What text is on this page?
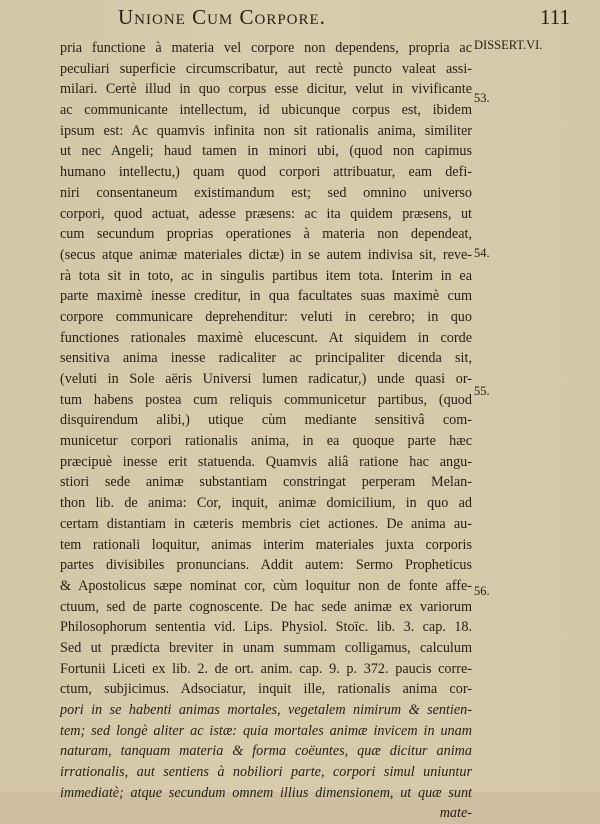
Unione Cum Corpore.	111
DISSERT.VI.
53.
54.
55.
56.
pria functione à materia vel corpore non dependens, propria ac
peculiari superficie circumscribatur, aut rectè puncto valeat assi-
milari. Certè illud in quo corpus esse dicitur, velut in vivificante
ac communicante intellectum, id ubicunque corpus est, ibidem
ipsum est: Ac quamvis infinita non sit rationalis anima, similiter
ut nec Angeli; haud tamen in minori ubi, (quod non capimus
humano intellectu,) quam quod corpori attribuatur, eam defi-
niri consentaneum existimandum est; sed omnino universo
corpori, quod actuat, adesse præsens: ac ita quidem præsens, ut
cum secundum proprias operationes à materia non dependeat,
(secus atque animæ materiales dictæ) in se autem indivisa sit, reve-
rà tota sit in toto, ac in singulis partibus item tota. Interim in ea
parte maximè inesse creditur, in qua facultates suas maximè cum
corpore communicare deprehenditur: veluti in cerebro; in quo
functiones rationales maximè elucescunt. At siquidem in corde
sensitiva anima inesse radicaliter ac principaliter dicenda sit,
(veluti in Sole aëris Universi lumen radicatur,) unde quasi or-
tum habens postea cum reliquis communicetur partibus, (quod
disquirendum alibi,) utique cùm mediante sensitivâ com-
municetur corpori rationalis anima, in ea quoque parte hæc
præcipuè inesse erit statuenda. Quamvis aliâ ratione hac angu-
stiori sede animæ substantiam constringat perperam Melan-
thon lib. de anima: Cor, inquit, animæ domicilium, in quo ad
certam distantiam in cæteris membris ciet actiones. De anima au-
tem rationali loquitur, animas interim materiales juxta corporis
partes divisibiles pronuncians. Addit autem: Sermo Propheticus
& Apostolicus sæpe nominat cor, cùm loquitur non de fonte affe-
ctuum, sed de parte cognoscente. De hac sede animæ ex variorum
Philosophorum sententia vid. Lips. Physiol. Stoïc. lib. 3. cap. 18.
Sed ut prædicta breviter in unam summam colligamus, calculum
Fortunii Liceti ex lib. 2. de ort. anim. cap. 9. p. 372. paucis corre-
ctum, subjicimus. Adsociatur, inquit ille, rationalis anima cor-
pori in se habenti animas mortales, vegetalem nimirum & sentien-
tem; sed longè aliter ac istæ: quia mortales animæ invicem in unam
naturam, tanquam materia & forma coëuntes, quæ dicitur anima
irrationalis, aut sentiens à nobiliori parte, corpori simul uniuntur
immediatè; atque secundum omnem illius dimensionem, ut quæ sunt
mate-
